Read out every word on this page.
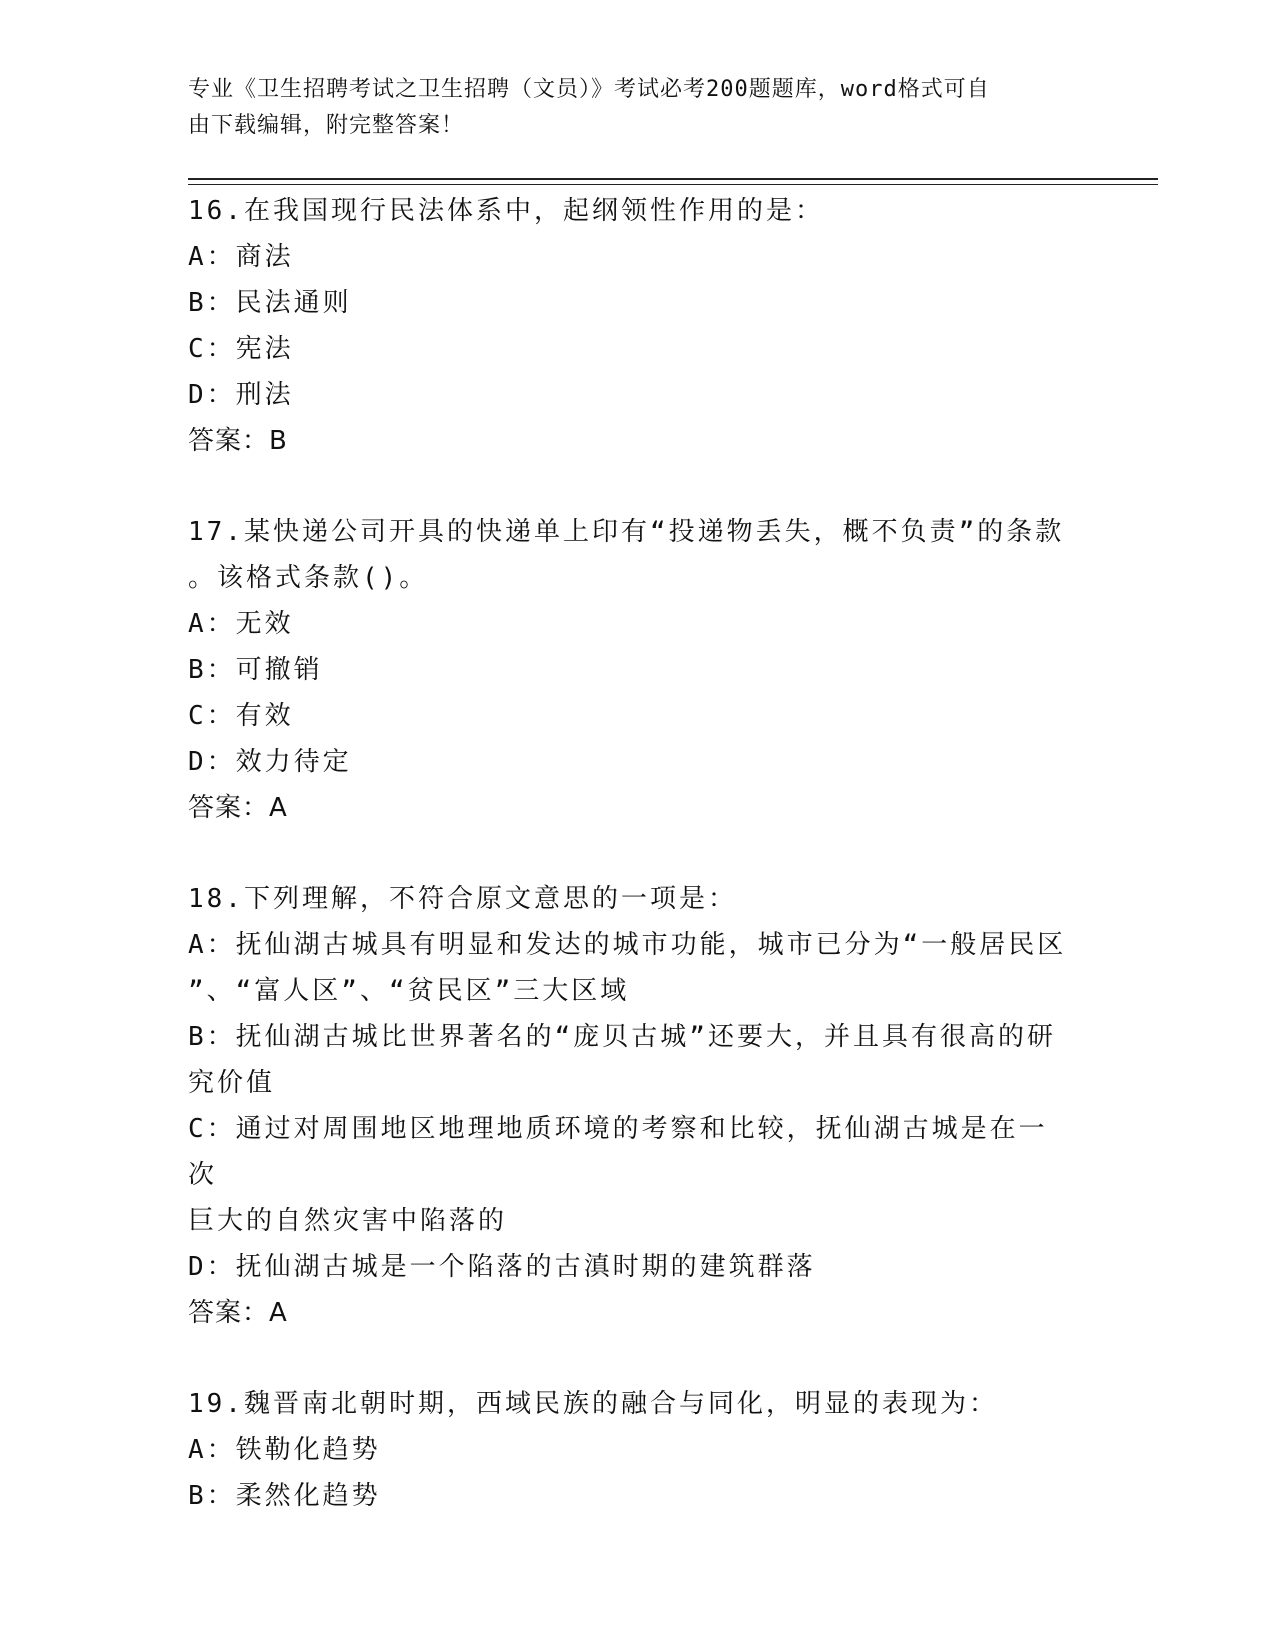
专业《卫生招聘考试之卫生招聘（文员）》考试必考200题题库，word格式可自
由下载编辑，附完整答案！
16.在我国现行民法体系中，起纲领性作用的是：
A：商法
B：民法通则
C：宪法
D：刑法
答案：B
17.某快递公司开具的快递单上印有“投递物丢失，概不负责”的条款
。该格式条款()。
A：无效
B：可撤销
C：有效
D：效力待定
答案：A
18.下列理解，不符合原文意思的一项是：
A：抚仙湖古城具有明显和发达的城市功能，城市已分为“一般居民区
”、“富人区”、“贫民区”三大区域
B：抚仙湖古城比世界著名的“庞贝古城”还要大，并且具有很高的研
究价值
C：通过对周围地区地理地质环境的考察和比较，抚仙湖古城是在一次
巨大的自然灾害中陷落的
D：抚仙湖古城是一个陷落的古滇时期的建筑群落
答案：A
19.魏晋南北朝时期，西域民族的融合与同化，明显的表现为：
A：铁勒化趋势
B：柔然化趋势
